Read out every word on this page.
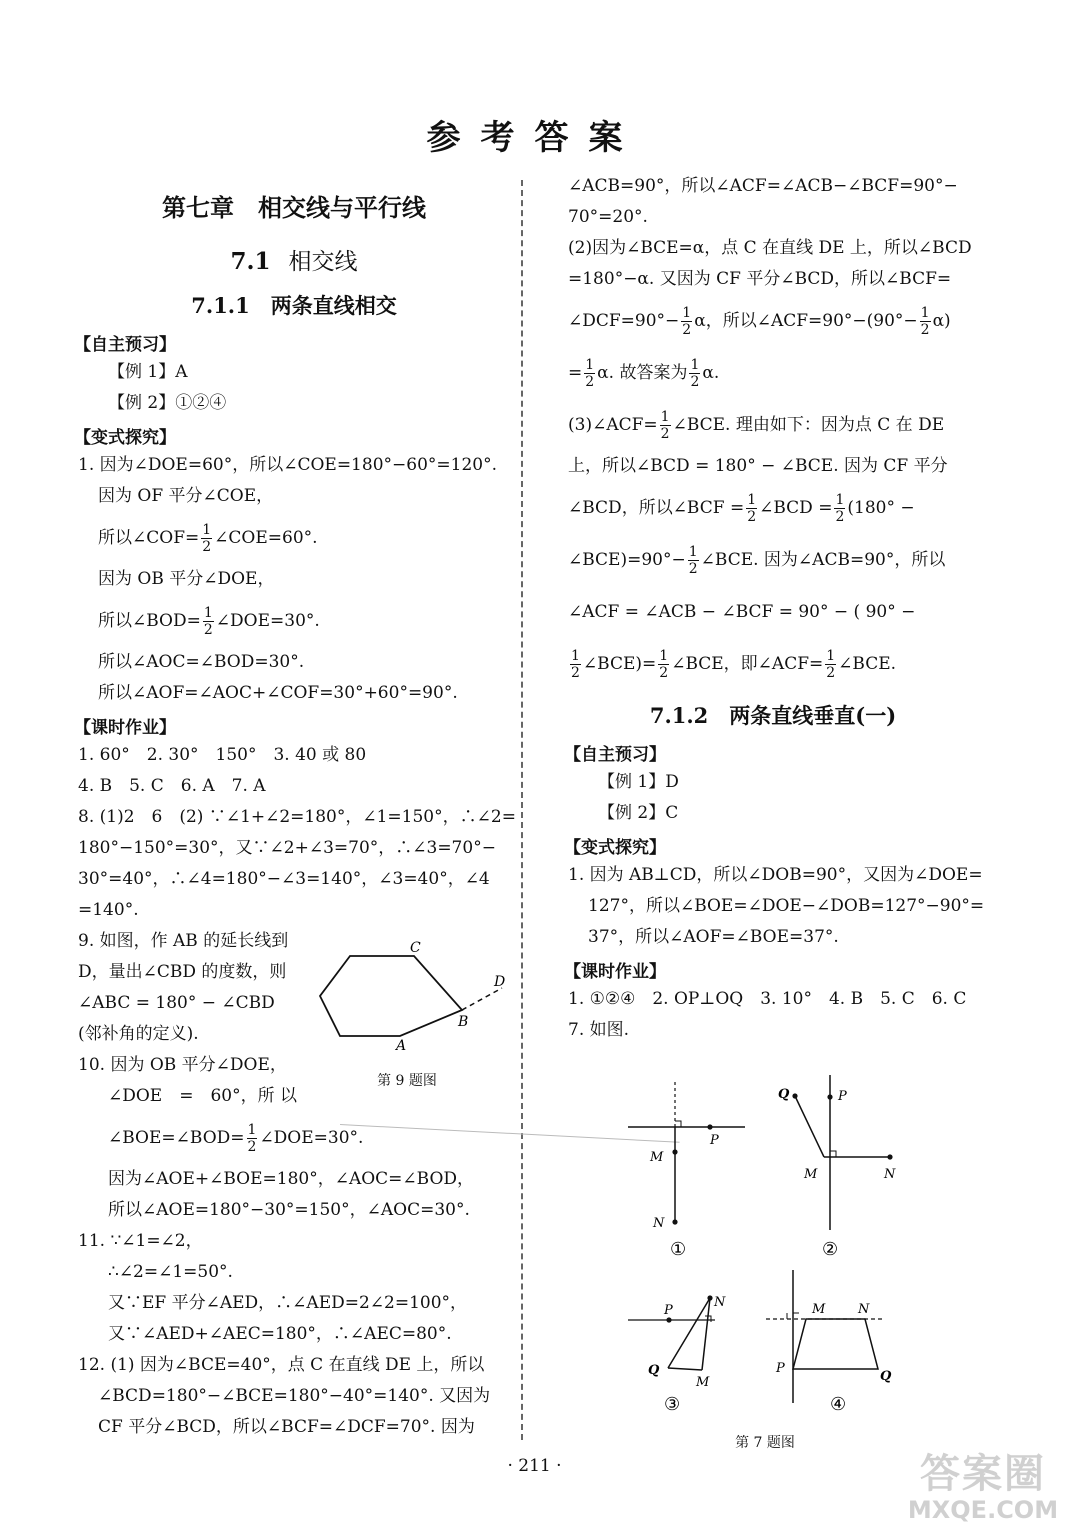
参考答案
第七章　相交线与平行线
7.1 相交线
7.1.1　两条直线相交
【自主预习】
【例 1】A
【例 2】①②④
【变式探究】
1. 因为∠DOE=60°，所以∠COE=180°−60°=120°.
因为 OF 平分∠COE，
所以∠COF= $\frac{1}{2}$ ∠COE=60°.
因为 OB 平分∠DOE，
所以∠BOD= $\frac{1}{2}$ ∠DOE=30°.
所以∠AOC=∠BOD=30°.
所以∠AOF=∠AOC+∠COF=30°+60°=90°.
【课时作业】
1. 60°　2. 30°　150°　3. 40 或 80
4. B　5. C　6. A　7. A
8. (1)2　6　(2) ∵∠1+∠2=180°，∠1=150°，∴∠2=
180°−150°=30°，又∵∠2+∠3=70°，∴∠3=70°−
30°=40°，∴∠4=180°−∠3=140°，∠3=40°，∠4
=140°.
9. 如图，作 AB 的延长线到
D，量出∠CBD 的度数，则
∠ABC = 180° − ∠CBD
(邻补角的定义).
10. 因为 OB 平分∠DOE，
∠DOE　=　60°，所 以
∠BOE=∠BOD= $\frac{1}{2}$ ∠DOE=30°.
因为∠AOE+∠BOE=180°，∠AOC=∠BOD，
所以∠AOE=180°−30°=150°，∠AOC=30°.
11. ∵∠1=∠2，
∴∠2=∠1=50°.
又∵EF 平分∠AED，∴∠AED=2∠2=100°，
又∵∠AED+∠AEC=180°，∴∠AEC=80°.
12. (1) 因为∠BCE=40°，点 C 在直线 DE 上，所以
∠BCD=180°−∠BCE=180°−40°=140°. 又因为
CF 平分∠BCD，所以∠BCF=∠DCF=70°. 因为
C
D
B
A
第 9 题图
∠ACB=90°，所以∠ACF=∠ACB−∠BCF=90°−
70°=20°.
(2)因为∠BCE=α，点 C 在直线 DE 上，所以∠BCD
=180°−α. 又因为 CF 平分∠BCD，所以∠BCF=
∠DCF=90°− $\frac{1}{2}$ α，所以∠ACF=90°−(90°− $\frac{1}{2} \alpha$)
= $\frac{1}{2} \alpha$. 故答案为 $\frac{1}{2} \alpha$.
(3)∠ACF= $\frac{1}{2}$ ∠BCE. 理由如下：因为点 C 在 DE
上，所以∠BCD = 180° − ∠BCE. 因为 CF 平分
∠BCD，所以∠BCF = $\frac{1}{2}$ ∠BCD = $\frac{1}{2} (180^\circ$ −
∠BCE)=90°− $\frac{1}{2}$ ∠BCE. 因为∠ACB=90°，所以
∠ACF = ∠ACB − ∠BCF = 90° − ( 90° −
$\frac{1}{2}$ ∠BCE)= $\frac{1}{2}$ ∠BCE，即∠ACF= $\frac{1}{2}$ ∠BCE.
7.1.2　两条直线垂直(一)
【自主预习】
【例 1】D
【例 2】C
【变式探究】
1. 因为 AB⊥CD，所以∠DOB=90°，又因为∠DOE=
127°，所以∠BOE=∠DOE−∠DOB=127°−90°=
37°，所以∠AOF=∠BOE=37°.
【课时作业】
1. ①②④　2. OP⊥OQ　3. 10°　4. B　5. C　6. C
7. 如图.
P
M
N
①
Q	P
M	N
②
P
N
Q
M
③
M	N
P
Q
④
第 7 题图
· 211 ·	答案圈
MXQE.COM
